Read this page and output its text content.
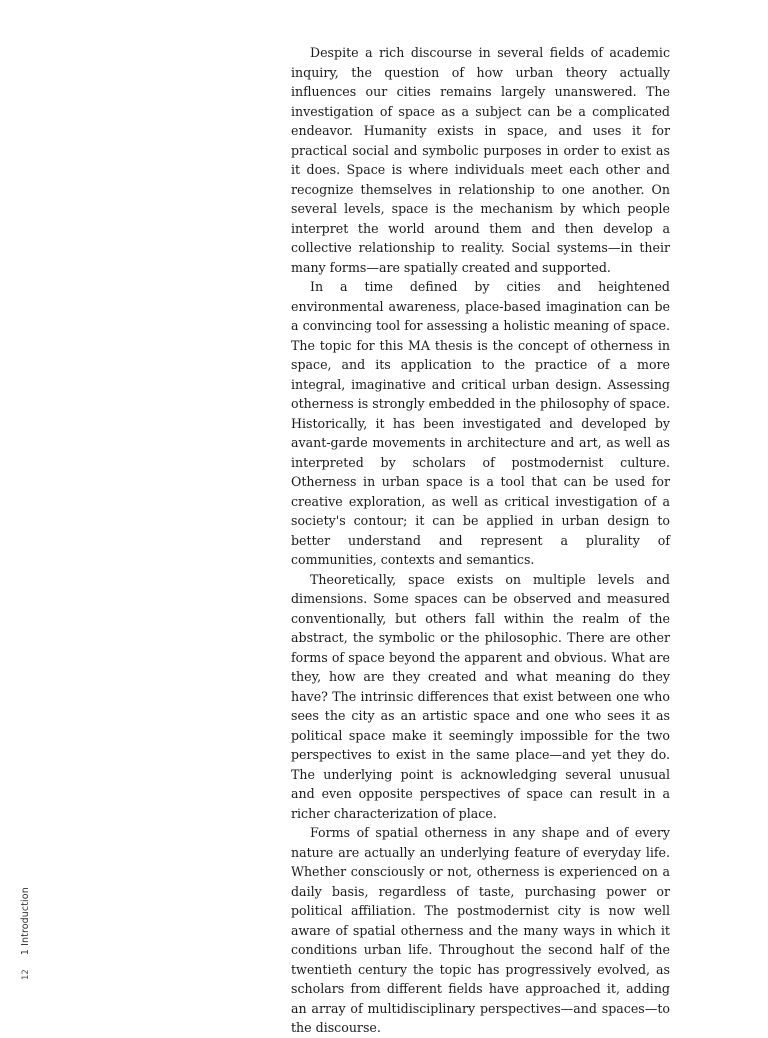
Despite a rich discourse in several fields of academic inquiry, the question of how urban theory actually influences our cities remains largely unanswered. The investigation of space as a subject can be a complicated endeavor. Humanity exists in space, and uses it for practical social and symbolic purposes in order to exist as it does. Space is where individuals meet each other and recognize themselves in relationship to one another. On several levels, space is the mechanism by which people interpret the world around them and then develop a collective relationship to reality. Social systems—in their many forms—are spatially created and supported.

In a time defined by cities and heightened environmental awareness, place-based imagination can be a convincing tool for assessing a holistic meaning of space. The topic for this MA thesis is the concept of otherness in space, and its application to the practice of a more integral, imaginative and critical urban design. Assessing otherness is strongly embedded in the philosophy of space. Historically, it has been investigated and developed by avant-garde movements in architecture and art, as well as interpreted by scholars of postmodernist culture. Otherness in urban space is a tool that can be used for creative exploration, as well as critical investigation of a society's contour; it can be applied in urban design to better understand and represent a plurality of communities, contexts and semantics.

Theoretically, space exists on multiple levels and dimensions. Some spaces can be observed and measured conventionally, but others fall within the realm of the abstract, the symbolic or the philosophic. There are other forms of space beyond the apparent and obvious. What are they, how are they created and what meaning do they have? The intrinsic differences that exist between one who sees the city as an artistic space and one who sees it as political space make it seemingly impossible for the two perspectives to exist in the same place—and yet they do. The underlying point is acknowledging several unusual and even opposite perspectives of space can result in a richer characterization of place.

Forms of spatial otherness in any shape and of every nature are actually an underlying feature of everyday life. Whether consciously or not, otherness is experienced on a daily basis, regardless of taste, purchasing power or political affiliation. The postmodernist city is now well aware of spatial otherness and the many ways in which it conditions urban life. Throughout the second half of the twentieth century the topic has progressively evolved, as scholars from different fields have approached it, adding an array of multidisciplinary perspectives—and spaces—to the discourse.

121 Introduction
